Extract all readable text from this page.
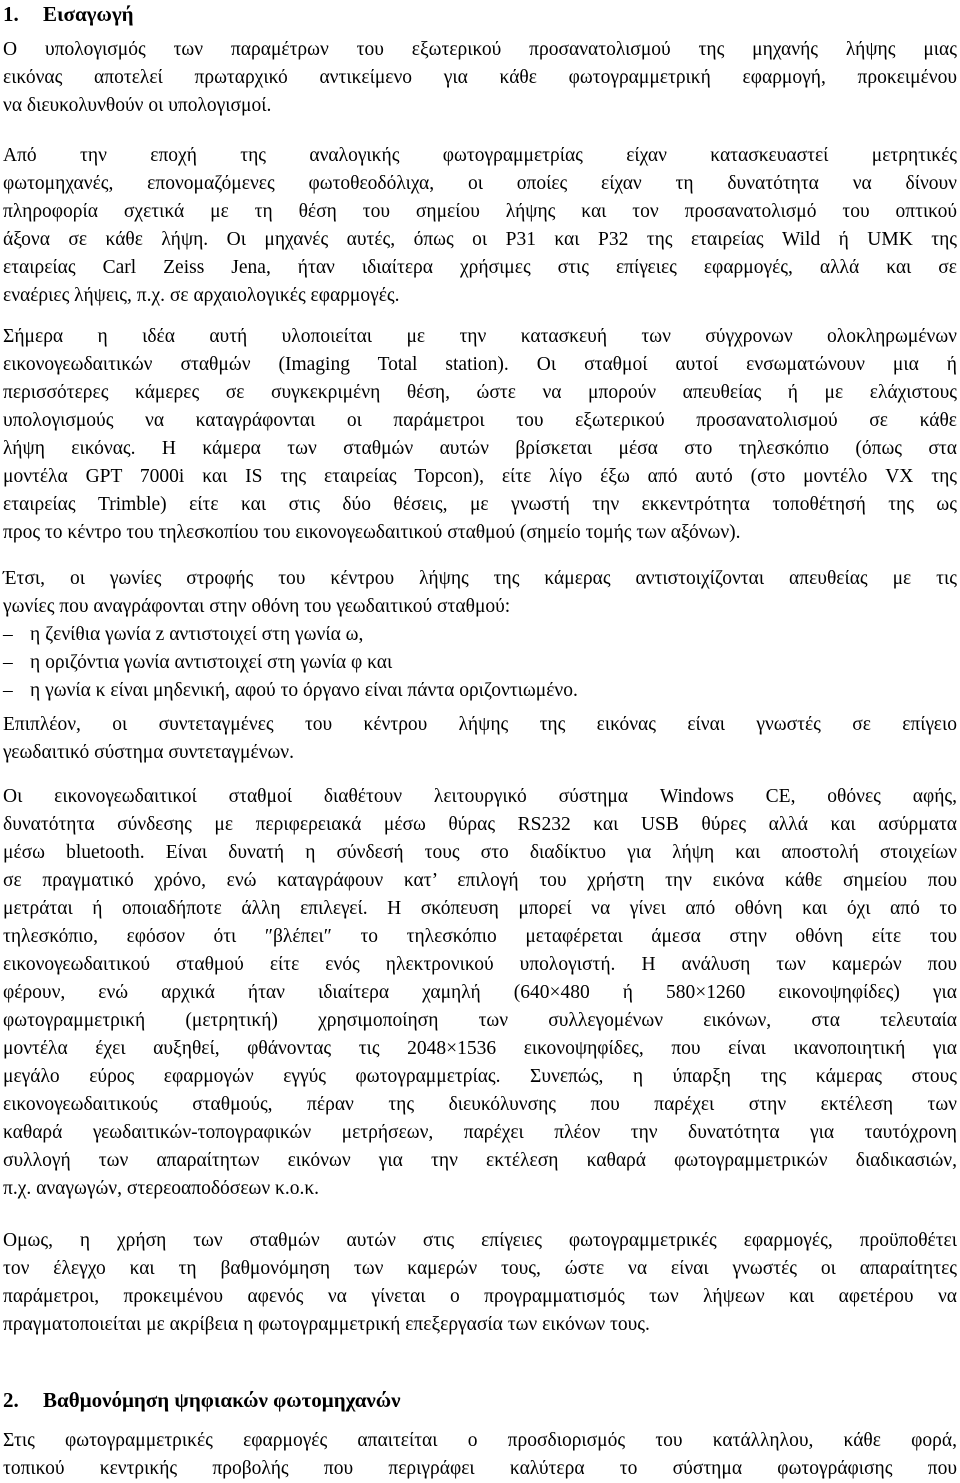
1.	Εισαγωγή

Ο υπολογισμός των παραμέτρων του εξωτερικού προσανατολισμού της μηχανής λήψης μιας
εικόνας αποτελεί πρωταρχικό αντικείμενο για κάθε φωτογραμμετρική εφαρμογή, προκειμένου
να διευκολυνθούν οι υπολογισμοί.

Από την εποχή της αναλογικής φωτογραμμετρίας είχαν κατασκευαστεί μετρητικές
φωτομηχανές, επονομαζόμενες φωτοθεοδόλιχα, οι οποίες είχαν τη δυνατότητα να δίνουν
πληροφορία σχετικά με τη θέση του σημείου λήψης και τον προσανατολισμό του οπτικού
άξονα σε κάθε λήψη. Οι μηχανές αυτές, όπως οι P31 και P32 της εταιρείας Wild ή UMK της
εταιρείας Carl Zeiss Jena, ήταν ιδιαίτερα χρήσιμες στις επίγειες εφαρμογές, αλλά και σε
εναέριες λήψεις, π.χ. σε αρχαιολογικές εφαρμογές.

Σήμερα η ιδέα αυτή υλοποιείται με την κατασκευή των σύγχρονων ολοκληρωμένων
εικονογεωδαιτικών σταθμών (Imaging Total station). Οι σταθμοί αυτοί ενσωματώνουν μια ή
περισσότερες κάμερες σε συγκεκριμένη θέση, ώστε να μπορούν απευθείας ή με ελάχιστους
υπολογισμούς να καταγράφονται οι παράμετροι του εξωτερικού προσανατολισμού σε κάθε
λήψη εικόνας. Η κάμερα των σταθμών αυτών βρίσκεται μέσα στο τηλεσκόπιο (όπως στα
μοντέλα GPT 7000i και IS της εταιρείας Topcon), είτε λίγο έξω από αυτό (στο μοντέλο VX της
εταιρείας Trimble) είτε και στις δύο θέσεις, με γνωστή την εκκεντρότητα τοποθέτησή της ως
προς το κέντρο του τηλεσκοπίου του εικονογεωδαιτικού σταθμού (σημείο τομής των αξόνων).

Έτσι, οι γωνίες στροφής του κέντρου λήψης της κάμερας αντιστοιχίζονται απευθείας με τις
γωνίες που αναγράφονται στην οθόνη του γεωδαιτικού σταθμού:

– η ζενίθια γωνία z αντιστοιχεί στη γωνία ω,
– η οριζόντια γωνία αντιστοιχεί στη γωνία φ και
– η γωνία κ είναι μηδενική, αφού το όργανο είναι πάντα οριζοντιωμένο.

Επιπλέον, οι συντεταγμένες του κέντρου λήψης της εικόνας είναι γνωστές σε επίγειο
γεωδαιτικό σύστημα συντεταγμένων.

Οι εικονογεωδαιτικοί σταθμοί διαθέτουν λειτουργικό σύστημα Windows CE, οθόνες αφής,
δυνατότητα σύνδεσης με περιφερειακά μέσω θύρας RS232 και USB θύρες αλλά και ασύρματα
μέσω bluetooth. Είναι δυνατή η σύνδεσή τους στο διαδίκτυο για λήψη και αποστολή στοιχείων
σε πραγματικό χρόνο, ενώ καταγράφουν κατ’ επιλογή του χρήστη την εικόνα κάθε σημείου που
μετράται ή οποιαδήποτε άλλη επιλεγεί. Η σκόπευση μπορεί να γίνει από οθόνη και όχι από το
τηλεσκόπιο, εφόσον ότι ″βλέπει″ το τηλεσκόπιο μεταφέρεται άμεσα στην οθόνη είτε του
εικονογεωδαιτικού σταθμού είτε ενός ηλεκτρονικού υπολογιστή. Η ανάλυση των καμερών που
φέρουν, ενώ αρχικά ήταν ιδιαίτερα χαμηλή (640×480 ή 580×1260 εικονοψηφίδες) για
φωτογραμμετρική (μετρητική) χρησιμοποίηση των συλλεγομένων εικόνων, στα τελευταία
μοντέλα έχει αυξηθεί, φθάνοντας τις 2048×1536 εικονοψηφίδες, που είναι ικανοποιητική για
μεγάλο εύρος εφαρμογών εγγύς φωτογραμμετρίας. Συνεπώς, η ύπαρξη της κάμερας στους
εικονογεωδαιτικούς σταθμούς, πέραν της διευκόλυνσης που παρέχει στην εκτέλεση των
καθαρά γεωδαιτικών-τοπογραφικών μετρήσεων, παρέχει πλέον την δυνατότητα για ταυτόχρονη
συλλογή των απαραίτητων εικόνων για την εκτέλεση καθαρά φωτογραμμετρικών διαδικασιών,
π.χ. αναγωγών, στερεοαποδόσεων κ.ο.κ.

Ομως, η χρήση των σταθμών αυτών στις επίγειες φωτογραμμετρικές εφαρμογές, προϋποθέτει
τον έλεγχο και τη βαθμονόμηση των καμερών τους, ώστε να είναι γνωστές οι απαραίτητες
παράμετροι, προκειμένου αφενός να γίνεται ο προγραμματισμός των λήψεων και αφετέρου να
πραγματοποιείται με ακρίβεια η φωτογραμμετρική επεξεργασία των εικόνων τους.

2.	Βαθμονόμηση ψηφιακών φωτομηχανών

Στις φωτογραμμετρικές εφαρμογές απαιτείται ο προσδιορισμός του κατάλληλου, κάθε φορά,
τοπικού κεντρικής προβολής που περιγράφει καλύτερα το σύστημα φωτογράφισης που
